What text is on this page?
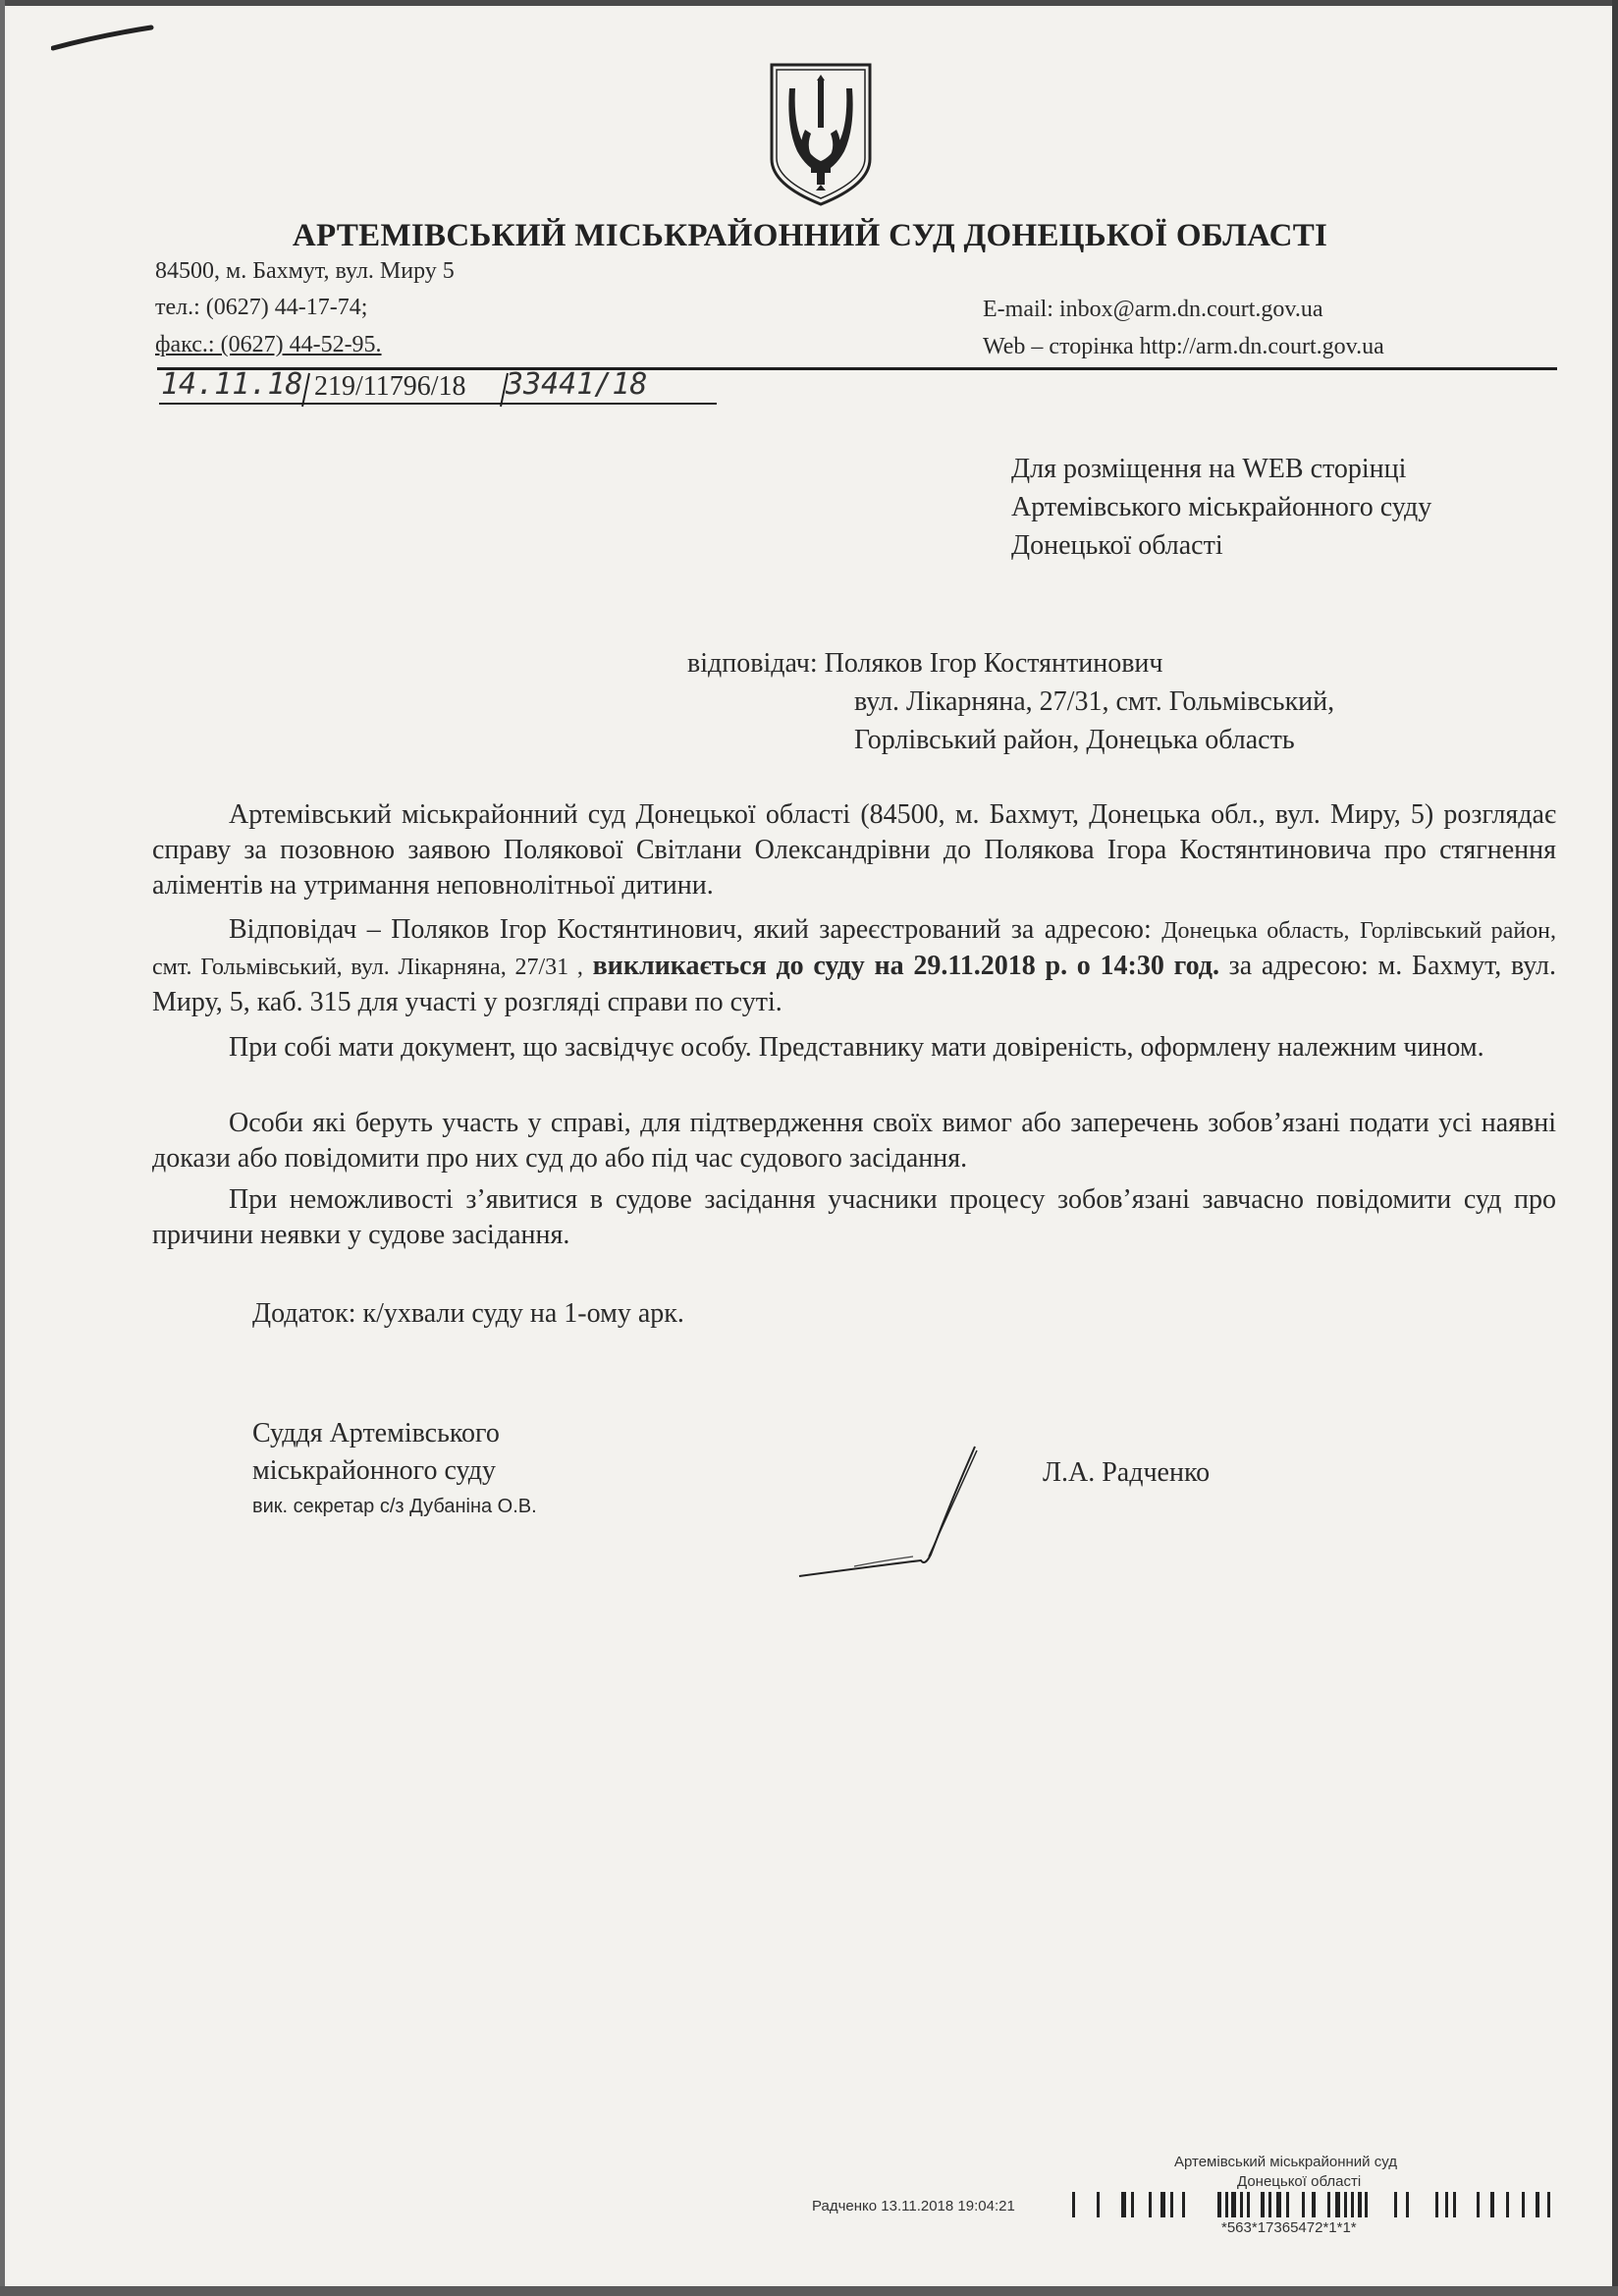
АРТЕМІВСЬКИЙ МІСЬКРАЙОННИЙ СУД ДОНЕЦЬКОЇ ОБЛАСТІ
84500, м. Бахмут, вул. Миру 5
тел.: (0627) 44-17-74;
факс.: (0627) 44-52-95.
E-mail: inbox@arm.dn.court.gov.ua
Web – сторінка http://arm.dn.court.gov.ua
14.11.18 219/11796/18 33441/18
Для розміщення на WEB сторінці
Артемівського міськрайонного суду
Донецької області
відповідач: Поляков Ігор Костянтинович
вул. Лікарняна, 27/31, смт. Гольмівський,
Горлівський район, Донецька область
Артемівський міськрайонний суд Донецької області (84500, м. Бахмут, Донецька обл., вул. Миру, 5) розглядає справу за позовною заявою Полякової Світлани Олександрівни до Полякова Ігора Костянтиновича про стягнення аліментів на утримання неповнолітньої дитини.
Відповідач – Поляков Ігор Костянтинович, який зареєстрований за адресою: Донецька область, Горлівський район, смт. Гольмівський, вул. Лікарняна, 27/31 , викликається до суду на 29.11.2018 р. о 14:30 год. за адресою: м. Бахмут, вул. Миру, 5, каб. 315 для участі у розгляді справи по суті.
При собі мати документ, що засвідчує особу. Представнику мати довіреність, оформлену належним чином.
Особи які беруть участь у справі, для підтвердження своїх вимог або заперечень зобов’язані подати усі наявні докази або повідомити про них суд до або під час судового засідання.
При неможливості з’явитися в судове засідання учасники процесу зобов’язані завчасно повідомити суд про причини неявки у судове засідання.
Додаток: к/ухвали суду на 1-ому арк.
Суддя Артемівського
міськрайонного суду
вик. секретар с/з Дубаніна О.В.
Л.А. Радченко
Артемівський міськрайонний суд
Донецької області
Радченко 13.11.2018 19:04:21
*563*17365472*1*1*
